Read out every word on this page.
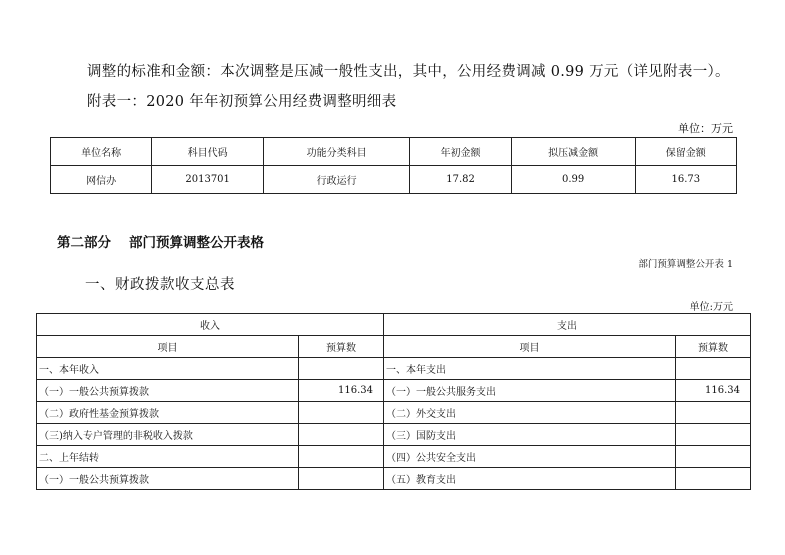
调整的标准和金额：本次调整是压减一般性支出，其中，公用经费调减 0.99 万元（详见附表一）。
附表一：2020 年年初预算公用经费调整明细表
单位：万元
单位名称	科目代码	功能分类科目	年初金额	拟压减金额	保留金额
网信办	2013701	行政运行	17.82	0.99	16.73
第二部分 部门预算调整公开表格
部门预算调整公开表 1
一、财政拨款收支总表
单位:万元
收入		支出	
项目	预算数	项目	预算数
一、本年收入		一、本年支出	
（一）一般公共预算拨款	116.34	（一）一般公共服务支出	116.34
（二）政府性基金预算拨款		（二）外交支出	
（三)纳入专户管理的非税收入拨款		（三）国防支出	
二、上年结转		（四）公共安全支出	
（一）一般公共预算拨款		（五）教育支出	
